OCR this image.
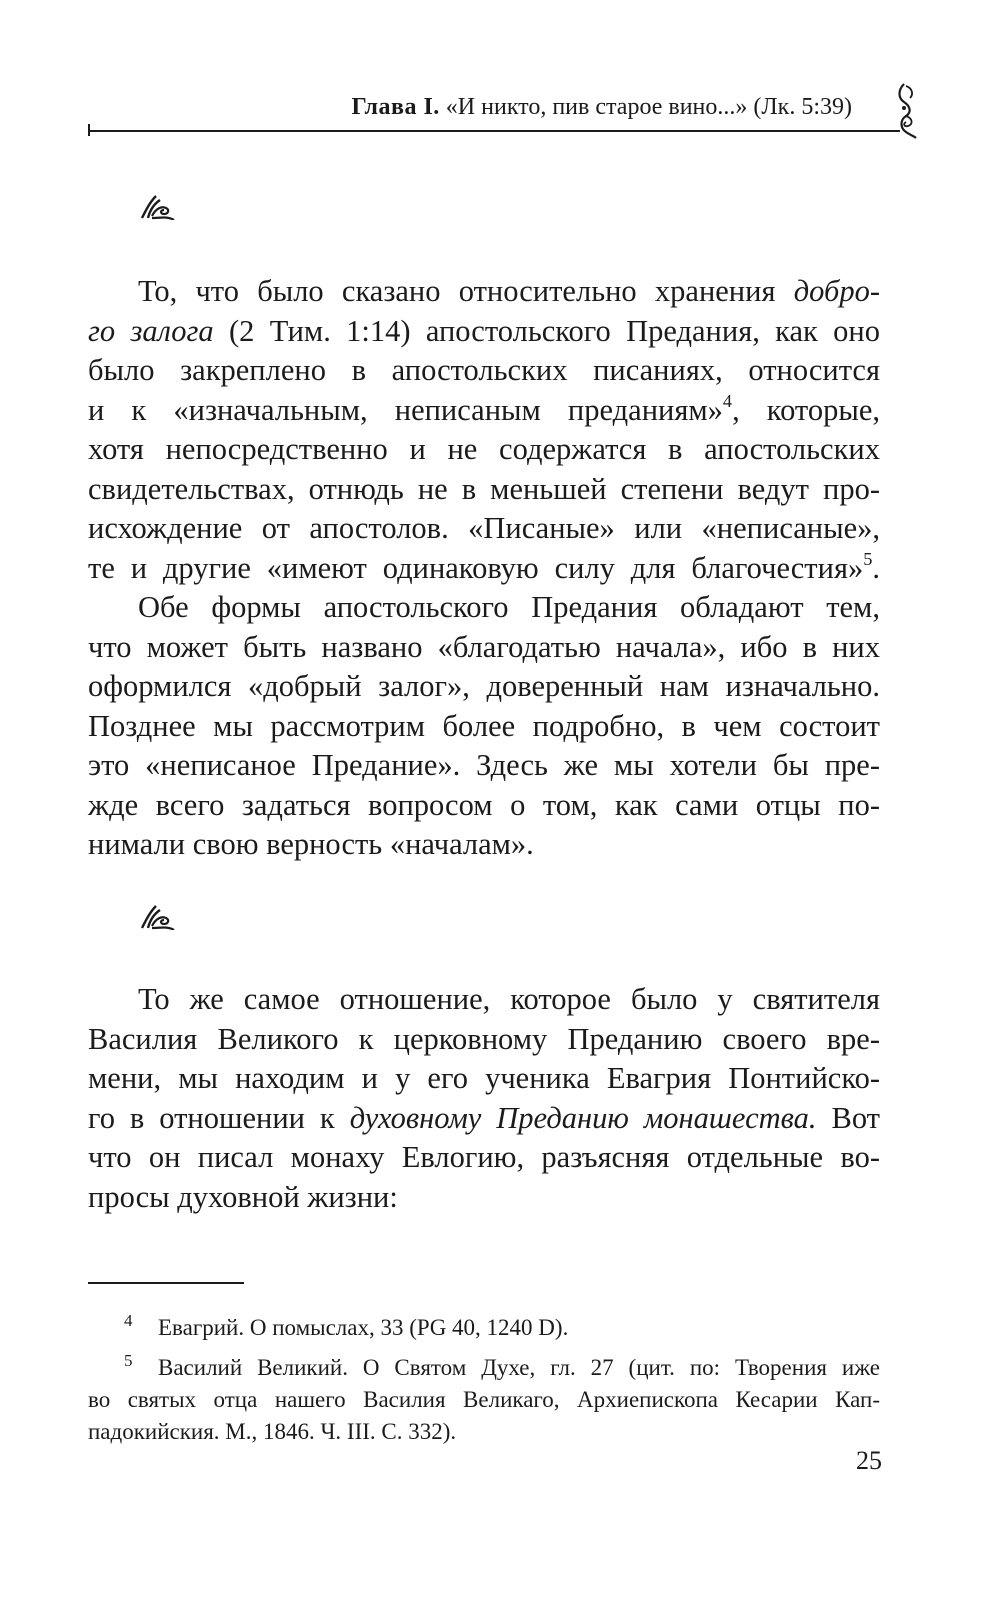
Глава I. «И никто, пив старое вино...» (Лк. 5:39)
То, что было сказано относительно хранения добро-
го залога (2 Тим. 1:14) апостольского Предания, как оно
было закреплено в апостольских писаниях, относится
и к «изначальным, неписаным преданиям»$^4$, которые,
хотя непосредственно и не содержатся в апостольских
свидетельствах, отнюдь не в меньшей степени ведут про-
исхождение от апостолов. «Писаные» или «неписаные»,
те и другие «имеют одинаковую силу для благочестия»$^5$.
Обе формы апостольского Предания обладают тем,
что может быть названо «благодатью начала», ибо в них
оформился «добрый залог», доверенный нам изначально.
Позднее мы рассмотрим более подробно, в чем состоит
это «неписаное Предание». Здесь же мы хотели бы пре-
жде всего задаться вопросом о том, как сами отцы по-
нимали свою верность «началам».
То же самое отношение, которое было у святителя
Василия Великого к церковному Преданию своего вре-
мени, мы находим и у его ученика Евагрия Понтийско-
го в отношении к духовному Преданию монашества. Вот
что он писал монаху Евлогию, разъясняя отдельные во-
просы духовной жизни:
4 Евагрий. О помыслах, 33 (PG 40, 1240 D).
5 Василий Великий. О Святом Духе, гл. 27 (цит. по: Творения иже
во святых отца нашего Василия Великаго, Архиепископа Кесарии Кап-
падокийския. М., 1846. Ч. III. С. 332).
25
